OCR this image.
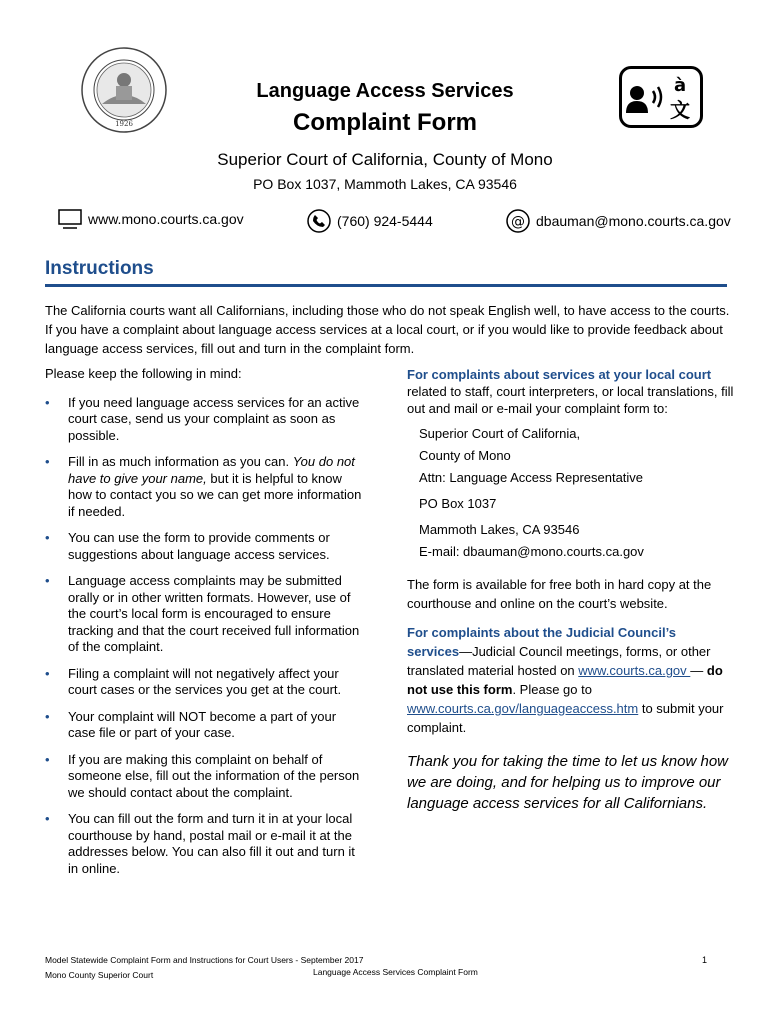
1926
à
文
Language Access Services
Complaint Form
Superior Court of California, County of Mono
PO Box 1037, Mammoth Lakes, CA 93546
www.mono.courts.ca.gov	(760) 924-5444	@ dbauman@mono.courts.ca.gov
Instructions
The California courts want all Californians, including those who do not speak English well, to have access to the courts. If you have a complaint about language access services at a local court, or if you would like to provide feedback about language access services, fill out and turn in the complaint form.
Please keep the following in mind:
• If you need language access services for an active court case, send us your complaint as soon as possible.
• Fill in as much information as you can. You do not have to give your name, but it is helpful to know how to contact you so we can get more information if needed.
• You can use the form to provide comments or suggestions about language access services.
• Language access complaints may be submitted orally or in other written formats. However, use of the court’s local form is encouraged to ensure tracking and that the court received full information of the complaint.
• Filing a complaint will not negatively affect your court cases or the services you get at the court.
• Your complaint will NOT become a part of your case file or part of your case.
• If you are making this complaint on behalf of someone else, fill out the information of the person we should contact about the complaint.
• You can fill out the form and turn it in at your local courthouse by hand, postal mail or e-mail it at the addresses below. You can also fill it out and turn it in online.
For complaints about services at your local court related to staff, court interpreters, or local translations, fill out and mail or e-mail your complaint form to:
Superior Court of California,
County of Mono
Attn: Language Access Representative
PO Box 1037
Mammoth Lakes, CA 93546
E-mail: dbauman@mono.courts.ca.gov
The form is available for free both in hard copy at the courthouse and online on the court’s website.
For complaints about the Judicial Council’s
services—Judicial Council meetings, forms, or other translated material hosted on www.courts.ca.gov — do not use this form. Please go to www.courts.ca.gov/languageaccess.htm to submit your complaint.
Thank you for taking the time to let us know how we are doing, and for helping us to improve our language access services for all Californians.
Model Statewide Complaint Form and Instructions for Court Users - September 2017
Mono County Superior Court	Language Access Services Complaint Form
1
